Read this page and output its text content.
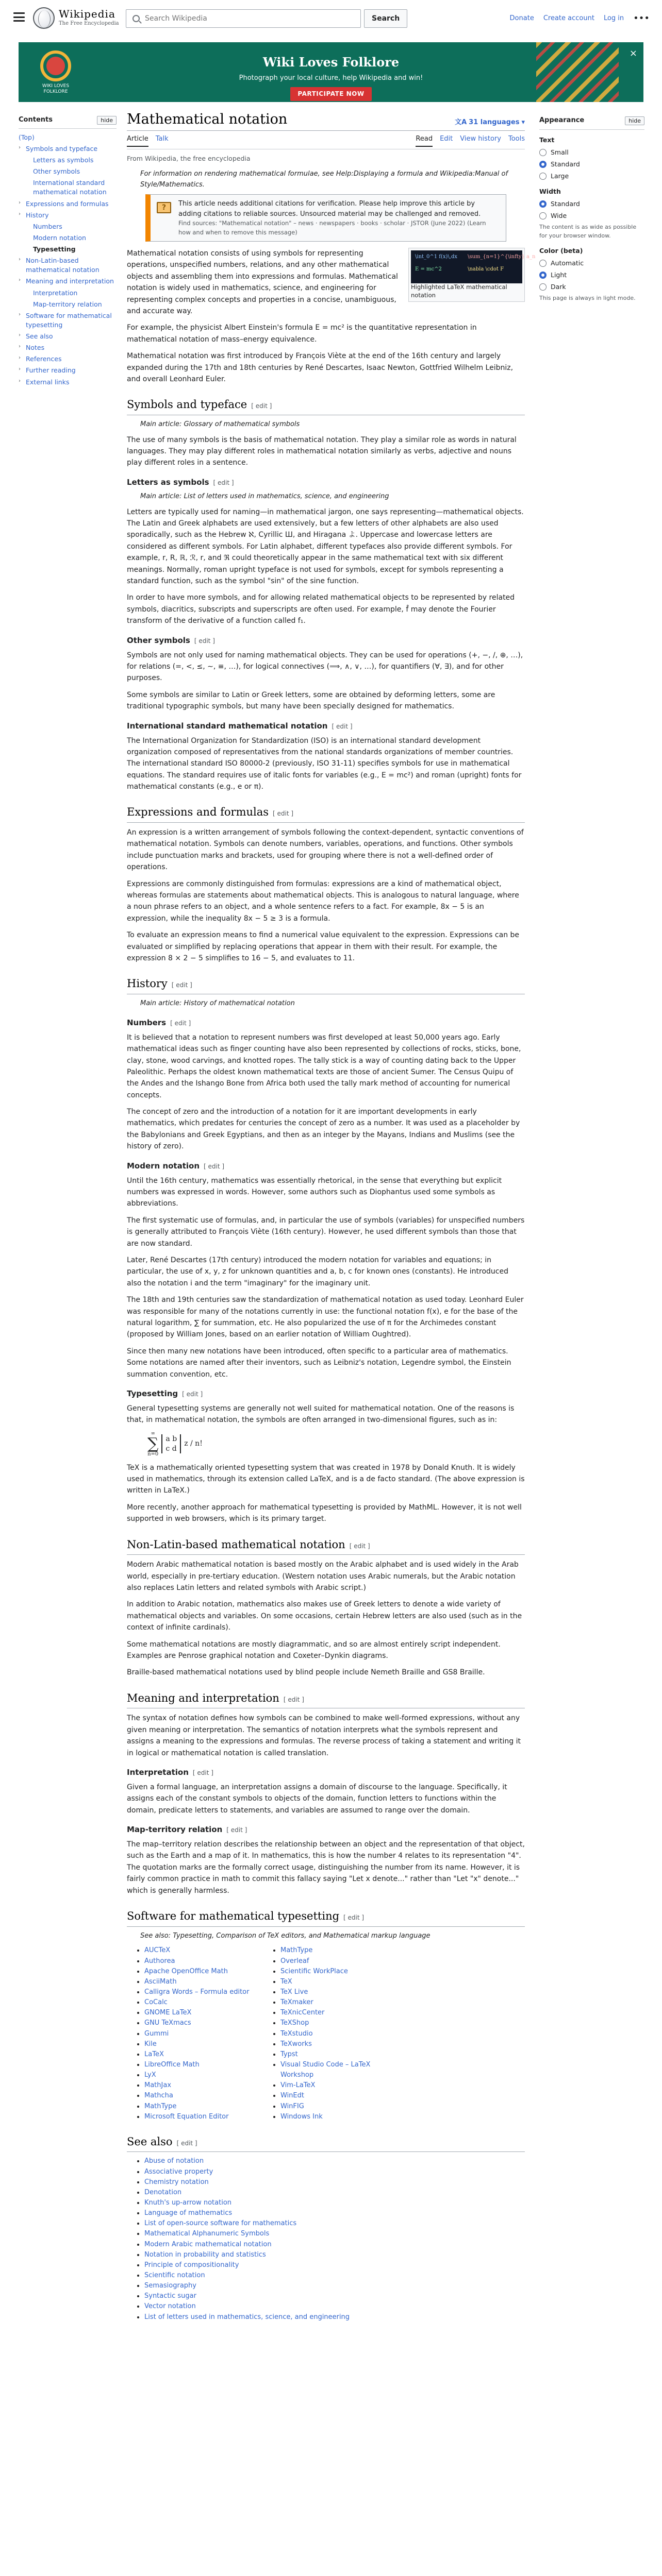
Wikipedia
The Free Encyclopedia
Search Wikipedia
Search	Donate Create account Log in •••
WIKI LOVES FOLKLORE
Wiki Loves Folklore
Photograph your local culture, help Wikipedia and win!
PARTICIPATE NOW
×
Contents	hide
(Top)
› Symbols and typeface
Letters as symbols
Other symbols
International standard mathematical notation
› Expressions and formulas
› History
Numbers
Modern notation
Typesetting
› Non-Latin-based mathematical notation
› Meaning and interpretation
Interpretation
Map-territory relation
› Software for mathematical typesetting
› See also
› Notes
› References
› Further reading
› External links
Mathematical notation	文A 31 languages ▾
Article Talk	Read Edit View history Tools
From Wikipedia, the free encyclopedia
For information on rendering mathematical formulae, see Help:Displaying a formula and Wikipedia:Manual of Style/Mathematics.
?
This article needs additional citations for verification. Please help improve this article by adding citations to reliable sources. Unsourced material may be challenged and removed.
Find sources: "Mathematical notation" – news · newspapers · books · scholar · JSTOR (June 2022) (Learn how and when to remove this message)
\int_0^1 f(x)\,dx \sum_{n=1}^{\infty} a_n
E = mc^2	\nabla \cdot F
Highlighted LaTeX mathematical notation

Mathematical notation consists of using symbols for representing operations, unspecified numbers, relations, and any other mathematical objects and assembling them into expressions and formulas. Mathematical notation is widely used in mathematics, science, and engineering for representing complex concepts and properties in a concise, unambiguous, and accurate way.

For example, the physicist Albert Einstein's formula E = mc² is the quantitative representation in mathematical notation of mass–energy equivalence.

Mathematical notation was first introduced by François Viète at the end of the 16th century and largely expanded during the 17th and 18th centuries by René Descartes, Isaac Newton, Gottfried Wilhelm Leibniz, and overall Leonhard Euler.

Symbols and typeface [ edit ]
Main article: Glossary of mathematical symbols

The use of many symbols is the basis of mathematical notation. They play a similar role as words in natural languages. They may play different roles in mathematical notation similarly as verbs, adjective and nouns play different roles in a sentence.

Letters as symbols [ edit ]
Main article: List of letters used in mathematics, science, and engineering

Letters are typically used for naming—in mathematical jargon, one says representing—mathematical objects. The Latin and Greek alphabets are used extensively, but a few letters of other alphabets are also used sporadically, such as the Hebrew ℵ, Cyrillic Ш, and Hiragana よ. Uppercase and lowercase letters are considered as different symbols. For Latin alphabet, different typefaces also provide different symbols. For example, r, R, ℝ, ℛ, r, and ℜ could theoretically appear in the same mathematical text with six different meanings. Normally, roman upright typeface is not used for symbols, except for symbols representing a standard function, such as the symbol "sin" of the sine function.

In order to have more symbols, and for allowing related mathematical objects to be represented by related symbols, diacritics, subscripts and superscripts are often used. For example, f̂ may denote the Fourier transform of the derivative of a function called f₁.

Other symbols [ edit ]

Symbols are not only used for naming mathematical objects. They can be used for operations (+, −, /, ⊕, …), for relations (=, <, ≤, ∼, ≡, …), for logical connectives (⟹, ∧, ∨, …), for quantifiers (∀, ∃), and for other purposes.

Some symbols are similar to Latin or Greek letters, some are obtained by deforming letters, some are traditional typographic symbols, but many have been specially designed for mathematics.

International standard mathematical notation [ edit ]

The International Organization for Standardization (ISO) is an international standard development organization composed of representatives from the national standards organizations of member countries. The international standard ISO 80000-2 (previously, ISO 31-11) specifies symbols for use in mathematical equations. The standard requires use of italic fonts for variables (e.g., E = mc²) and roman (upright) fonts for mathematical constants (e.g., e or π).

Expressions and formulas [ edit ]

An expression is a written arrangement of symbols following the context-dependent, syntactic conventions of mathematical notation. Symbols can denote numbers, variables, operations, and functions. Other symbols include punctuation marks and brackets, used for grouping where there is not a well-defined order of operations.

Expressions are commonly distinguished from formulas: expressions are a kind of mathematical object, whereas formulas are statements about mathematical objects. This is analogous to natural language, where a noun phrase refers to an object, and a whole sentence refers to a fact. For example, 8x − 5 is an expression, while the inequality 8x − 5 ≥ 3 is a formula.

To evaluate an expression means to find a numerical value equivalent to the expression. Expressions can be evaluated or simplified by replacing operations that appear in them with their result. For example, the expression 8 × 2 − 5 simplifies to 16 − 5, and evaluates to 11.

History [ edit ]
Main article: History of mathematical notation
Numbers [ edit ]

It is believed that a notation to represent numbers was first developed at least 50,000 years ago. Early mathematical ideas such as finger counting have also been represented by collections of rocks, sticks, bone, clay, stone, wood carvings, and knotted ropes. The tally stick is a way of counting dating back to the Upper Paleolithic. Perhaps the oldest known mathematical texts are those of ancient Sumer. The Census Quipu of the Andes and the Ishango Bone from Africa both used the tally mark method of accounting for numerical concepts.

The concept of zero and the introduction of a notation for it are important developments in early mathematics, which predates for centuries the concept of zero as a number. It was used as a placeholder by the Babylonians and Greek Egyptians, and then as an integer by the Mayans, Indians and Muslims (see the history of zero).

Modern notation [ edit ]

Until the 16th century, mathematics was essentially rhetorical, in the sense that everything but explicit numbers was expressed in words. However, some authors such as Diophantus used some symbols as abbreviations.

The first systematic use of formulas, and, in particular the use of symbols (variables) for unspecified numbers is generally attributed to François Viète (16th century). However, he used different symbols than those that are now standard.

Later, René Descartes (17th century) introduced the modern notation for variables and equations; in particular, the use of x, y, z for unknown quantities and a, b, c for known ones (constants). He introduced also the notation i and the term "imaginary" for the imaginary unit.

The 18th and 19th centuries saw the standardization of mathematical notation as used today. Leonhard Euler was responsible for many of the notations currently in use: the functional notation f(x), e for the base of the natural logarithm, ∑ for summation, etc. He also popularized the use of π for the Archimedes constant (proposed by William Jones, based on an earlier notation of William Oughtred).

Since then many new notations have been introduced, often specific to a particular area of mathematics. Some notations are named after their inventors, such as Leibniz's notation, Legendre symbol, the Einstein summation convention, etc.

Typesetting [ edit ]

General typesetting systems are generally not well suited for mathematical notation. One of the reasons is that, in mathematical notation, the symbols are often arranged in two-dimensional figures, such as in:

∞
∑
n=0
a b
c d
z / n!

TeX is a mathematically oriented typesetting system that was created in 1978 by Donald Knuth. It is widely used in mathematics, through its extension called LaTeX, and is a de facto standard. (The above expression is written in LaTeX.)

More recently, another approach for mathematical typesetting is provided by MathML. However, it is not well supported in web browsers, which is its primary target.

Non-Latin-based mathematical notation [ edit ]

Modern Arabic mathematical notation is based mostly on the Arabic alphabet and is used widely in the Arab world, especially in pre-tertiary education. (Western notation uses Arabic numerals, but the Arabic notation also replaces Latin letters and related symbols with Arabic script.)

In addition to Arabic notation, mathematics also makes use of Greek letters to denote a wide variety of mathematical objects and variables. On some occasions, certain Hebrew letters are also used (such as in the context of infinite cardinals).

Some mathematical notations are mostly diagrammatic, and so are almost entirely script independent. Examples are Penrose graphical notation and Coxeter–Dynkin diagrams.

Braille-based mathematical notations used by blind people include Nemeth Braille and GS8 Braille.

Meaning and interpretation [ edit ]

The syntax of notation defines how symbols can be combined to make well-formed expressions, without any given meaning or interpretation. The semantics of notation interprets what the symbols represent and assigns a meaning to the expressions and formulas. The reverse process of taking a statement and writing it in logical or mathematical notation is called translation.

Interpretation [ edit ]

Given a formal language, an interpretation assigns a domain of discourse to the language. Specifically, it assigns each of the constant symbols to objects of the domain, function letters to functions within the domain, predicate letters to statements, and variables are assumed to range over the domain.

Map-territory relation [ edit ]

The map–territory relation describes the relationship between an object and the representation of that object, such as the Earth and a map of it. In mathematics, this is how the number 4 relates to its representation "4". The quotation marks are the formally correct usage, distinguishing the number from its name. However, it is fairly common practice in math to commit this fallacy saying "Let x denote..." rather than "Let "x" denote..." which is generally harmless.

Software for mathematical typesetting [ edit ]
See also: Typesetting, Comparison of TeX editors, and Mathematical markup language
• AUCTeX
• Authorea
• Apache OpenOffice Math
• AsciiMath
• Calligra Words – Formula editor
• CoCalc
• GNOME LaTeX
• GNU TeXmacs
• Gummi
• Kile
• LaTeX
• LibreOffice Math
• LyX
• MathJax
• Mathcha
• MathType
• Microsoft Equation Editor
• MathType
• Overleaf
• Scientific WorkPlace
• TeX
• TeX Live
• TeXmaker
• TeXnicCenter
• TeXShop
• TeXstudio
• TeXworks
• Typst
• Visual Studio Code – LaTeX Workshop
• Vim-LaTeX
• WinEdt
• WinFIG
• Windows Ink
See also [ edit ]
• Abuse of notation
• Associative property
• Chemistry notation
• Denotation
• Knuth's up-arrow notation
• Language of mathematics
• List of open-source software for mathematics
• Mathematical Alphanumeric Symbols
• Modern Arabic mathematical notation
• Notation in probability and statistics
• Principle of compositionality
• Scientific notation
• Semasiography
• Syntactic sugar
• Vector notation
• List of letters used in mathematics, science, and engineering
Appearance	hide
Text
Small
Standard
Large
Width
Standard
Wide
The content is as wide as possible for your browser window.
Color (beta)
Automatic
Light
Dark
This page is always in light mode.
